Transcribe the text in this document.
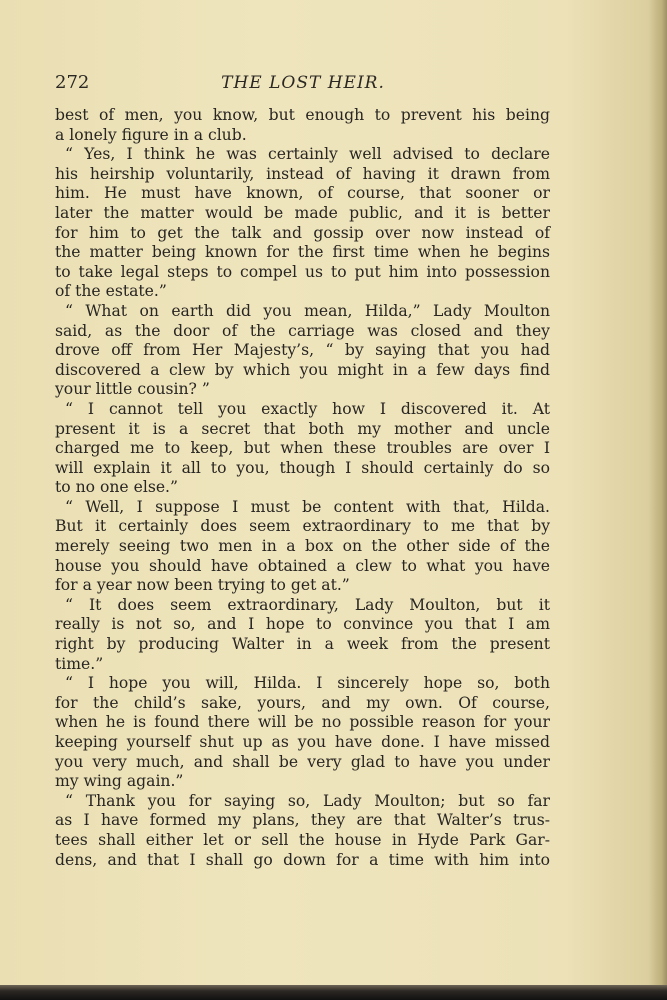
272	THE LOST HEIR.
best of men, you know, but enough to prevent his being
a lonely figure in a club.
“ Yes, I think he was certainly well advised to declare
his heirship voluntarily, instead of having it drawn from
him. He must have known, of course, that sooner or
later the matter would be made public, and it is better
for him to get the talk and gossip over now instead of
the matter being known for the first time when he begins
to take legal steps to compel us to put him into possession
of the estate.”
“ What on earth did you mean, Hilda,” Lady Moulton
said, as the door of the carriage was closed and they
drove off from Her Majesty’s, “ by saying that you had
discovered a clew by which you might in a few days find
your little cousin? ”
“ I cannot tell you exactly how I discovered it. At
present it is a secret that both my mother and uncle
charged me to keep, but when these troubles are over I
will explain it all to you, though I should certainly do so
to no one else.”
“ Well, I suppose I must be content with that, Hilda.
But it certainly does seem extraordinary to me that by
merely seeing two men in a box on the other side of the
house you should have obtained a clew to what you have
for a year now been trying to get at.”
“ It does seem extraordinary, Lady Moulton, but it
really is not so, and I hope to convince you that I am
right by producing Walter in a week from the present
time.”
“ I hope you will, Hilda. I sincerely hope so, both
for the child’s sake, yours, and my own. Of course,
when he is found there will be no possible reason for your
keeping yourself shut up as you have done. I have missed
you very much, and shall be very glad to have you under
my wing again.”
“ Thank you for saying so, Lady Moulton; but so far
as I have formed my plans, they are that Walter’s trus-
tees shall either let or sell the house in Hyde Park Gar-
dens, and that I shall go down for a time with him into
